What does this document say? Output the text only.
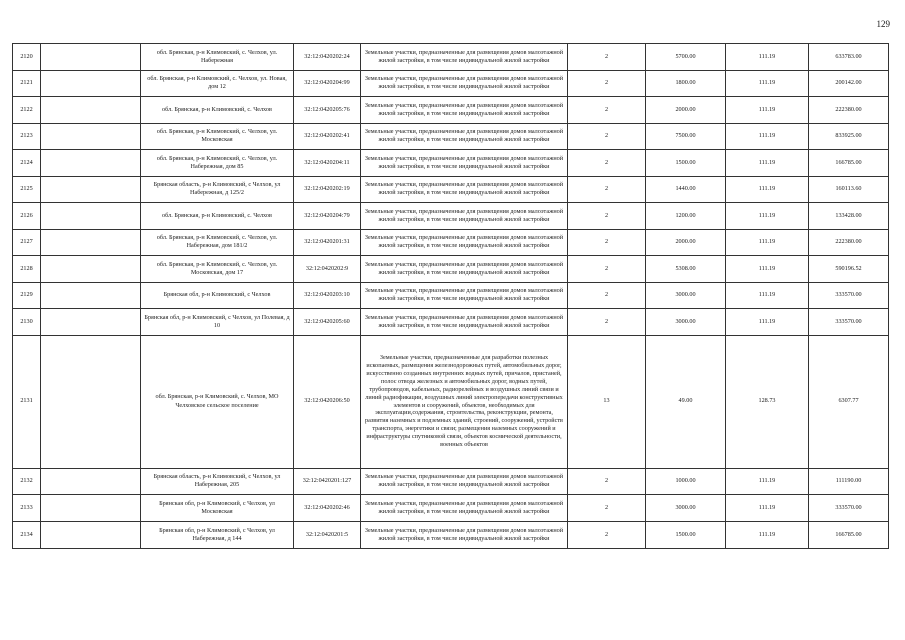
129
2120		обл. Брянская, р-н Климовский, с. Челхов, ул. Набережная	32:12:0420202:24	Земельные участки, предназначенные для размещения домов малоэтажной жилой застройки, в том числе индивидуальной жилой застройки	2	5700.00	111.19	633783.00
2121		обл. Брянская, р-н Климовский, с. Челхов, ул. Новая, дом 12	32:12:0420204:99	Земельные участки, предназначенные для размещения домов малоэтажной жилой застройки, в том числе индивидуальной жилой застройки	2	1800.00	111.19	200142.00
2122		обл. Брянская, р-н Климовский, с. Челхов	32:12:0420205:76	Земельные участки, предназначенные для размещения домов малоэтажной жилой застройки, в том числе индивидуальной жилой застройки	2	2000.00	111.19	222380.00
2123		обл. Брянская, р-н Климовский, с. Челхов, ул. Московская	32:12:0420202:41	Земельные участки, предназначенные для размещения домов малоэтажной жилой застройки, в том числе индивидуальной жилой застройки	2	7500.00	111.19	833925.00
2124		обл. Брянская, р-н Климовский, с. Челхов, ул. Набережная, дом 85	32:12:0420204:11	Земельные участки, предназначенные для размещения домов малоэтажной жилой застройки, в том числе индивидуальной жилой застройки	2	1500.00	111.19	166785.00
2125		Брянская область, р-н Климовский, с Челхов, ул Набережная, д 125/2	32:12:0420202:19	Земельные участки, предназначенные для размещения домов малоэтажной жилой застройки, в том числе индивидуальной жилой застройки	2	1440.00	111.19	160113.60
2126		обл. Брянская, р-н Климовский, с. Челхов	32:12:0420204:79	Земельные участки, предназначенные для размещения домов малоэтажной жилой застройки, в том числе индивидуальной жилой застройки	2	1200.00	111.19	133428.00
2127		обл. Брянская, р-н Климовский, с. Челхов, ул. Набережная, дом 181/2	32:12:0420201:31	Земельные участки, предназначенные для размещения домов малоэтажной жилой застройки, в том числе индивидуальной жилой застройки	2	2000.00	111.19	222380.00
2128		обл. Брянская, р-н Климовский, с. Челхов, ул. Московская, дом 17	32:12:0420202:9	Земельные участки, предназначенные для размещения домов малоэтажной жилой застройки, в том числе индивидуальной жилой застройки	2	5308.00	111.19	590196.52
2129		Брянская обл, р-н Климовский, с Челхов	32:12:0420203:10	Земельные участки, предназначенные для размещения домов малоэтажной жилой застройки, в том числе индивидуальной жилой застройки	2	3000.00	111.19	333570.00
2130		Брянская обл, р-н Климовский, с Челхов, ул Полевая, д 10	32:12:0420205:60	Земельные участки, предназначенные для размещения домов малоэтажной жилой застройки, в том числе индивидуальной жилой застройки	2	3000.00	111.19	333570.00
2131		обл. Брянская, р-н Климовский, с. Челхов, МО Челховское сельское поселение	32:12:0420206:50	Земельные участки, предназначенные для разработки полезных ископаемых, размещения железнодорожных путей, автомобильных дорог, искусственно созданных внутренних водных путей, причалов, пристаней, полос отвода железных и автомобильных дорог, водных путей, трубопроводов, кабельных, радиорелейных и воздушных линий связи и линий радиофикации, воздушных линий электропередачи конструктивных элементов и сооружений, объектов, необходимых для эксплуатации,содержания, строительства, реконструкции, ремонта, развития наземных и подземных зданий, строений, сооружений, устройств транспорта, энергетики и связи; размещения наземных сооружений и инфраструктуры спутниковой связи, объектов космической деятельности, военных объектов	13	49.00	128.73	6307.77
2132		Брянская область, р-н Климовский, с Челхов, ул Набережная, 205	32:12:0420201:127	Земельные участки, предназначенные для размещения домов малоэтажной жилой застройки, в том числе индивидуальной жилой застройки	2	1000.00	111.19	111190.00
2133		Брянская обл, р-н Климовский, с Челхов, ул Московская	32:12:0420202:46	Земельные участки, предназначенные для размещения домов малоэтажной жилой застройки, в том числе индивидуальной жилой застройки	2	3000.00	111.19	333570.00
2134		Брянская обл, р-н Климовский, с Челхов, ул Набережная, д 144	32:12:0420201:5	Земельные участки, предназначенные для размещения домов малоэтажной жилой застройки, в том числе индивидуальной жилой застройки	2	1500.00	111.19	166785.00
